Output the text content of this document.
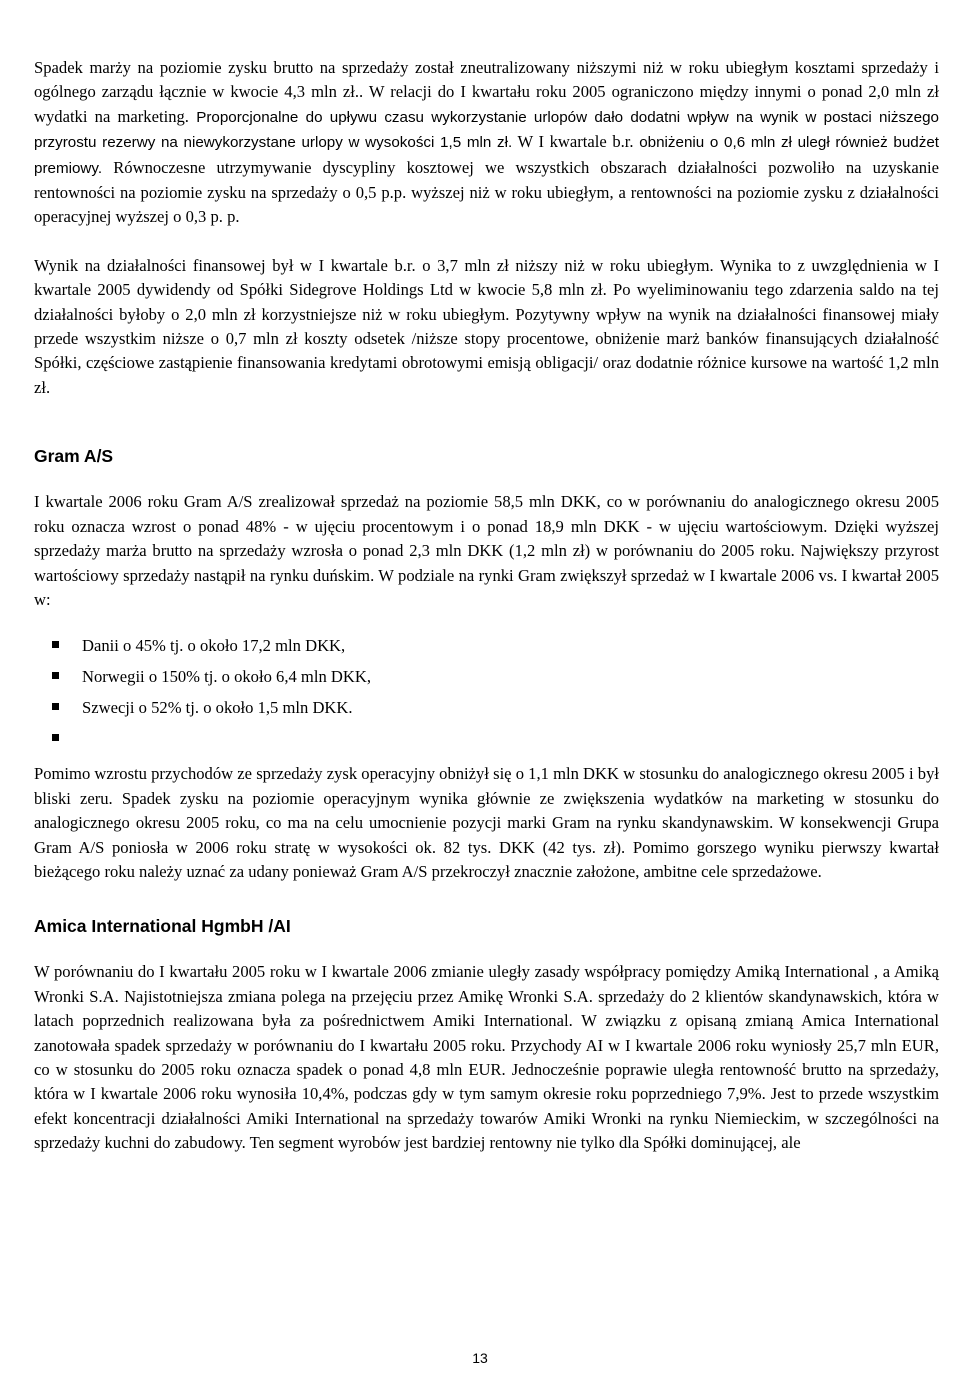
Spadek marży na poziomie zysku brutto na sprzedaży został zneutralizowany niższymi niż w roku ubiegłym kosztami sprzedaży i ogólnego zarządu łącznie w kwocie 4,3 mln zł.. W relacji do I kwartału roku 2005 ograniczono między innymi o ponad 2,0 mln zł wydatki na marketing. Proporcjonalne do upływu czasu wykorzystanie urlopów dało dodatni wpływ na wynik w postaci niższego przyrostu rezerwy na niewykorzystane urlopy w wysokości 1,5 mln zł. W I kwartale b.r. obniżeniu o 0,6 mln zł uległ również budżet premiowy. Równoczesne utrzymywanie dyscypliny kosztowej we wszystkich obszarach działalności pozwoliło na uzyskanie rentowności na poziomie zysku na sprzedaży o 0,5 p.p. wyższej niż w roku ubiegłym, a rentowności na poziomie zysku z działalności operacyjnej wyższej o 0,3 p. p.

Wynik na działalności finansowej był w I kwartale b.r. o 3,7 mln zł niższy niż w roku ubiegłym. Wynika to z uwzględnienia w I kwartale 2005 dywidendy od Spółki Sidegrove Holdings Ltd w kwocie 5,8 mln zł. Po wyeliminowaniu tego zdarzenia saldo na tej działalności byłoby o 2,0 mln zł korzystniejsze niż w roku ubiegłym. Pozytywny wpływ na wynik na działalności finansowej miały przede wszystkim niższe o 0,7 mln zł koszty odsetek /niższe stopy procentowe, obniżenie marż banków finansujących działalność Spółki, częściowe zastąpienie finansowania kredytami obrotowymi emisją obligacji/ oraz dodatnie różnice kursowe na wartość 1,2 mln zł.

Gram A/S

I kwartale 2006 roku Gram A/S zrealizował sprzedaż na poziomie 58,5 mln DKK, co w porównaniu do analogicznego okresu 2005 roku oznacza wzrost o ponad 48% - w ujęciu procentowym i o ponad 18,9 mln DKK - w ujęciu wartościowym. Dzięki wyższej sprzedaży marża brutto na sprzedaży wzrosła o ponad 2,3 mln DKK (1,2 mln zł) w porównaniu do 2005 roku. Największy przyrost wartościowy sprzedaży nastąpił na rynku duńskim. W podziale na rynki Gram zwiększył sprzedaż w I kwartale 2006 vs. I kwartał 2005 w:

Danii o 45% tj. o około 17,2 mln DKK,
Norwegii o 150% tj. o około 6,4 mln DKK,
Szwecji o 52% tj. o około 1,5 mln DKK.

Pomimo wzrostu przychodów ze sprzedaży zysk operacyjny obniżył się o 1,1 mln DKK w stosunku do analogicznego okresu 2005 i był bliski zeru. Spadek zysku na poziomie operacyjnym wynika głównie ze zwiększenia wydatków na marketing w stosunku do analogicznego okresu 2005 roku, co ma na celu umocnienie pozycji marki Gram na rynku skandynawskim. W konsekwencji Grupa Gram A/S poniosła w 2006 roku stratę w wysokości ok. 82 tys. DKK (42 tys. zł). Pomimo gorszego wyniku pierwszy kwartał bieżącego roku należy uznać za udany ponieważ Gram A/S przekroczył znacznie założone, ambitne cele sprzedażowe.

Amica International HgmbH /AI

W porównaniu do I kwartału 2005 roku w I kwartale 2006 zmianie uległy zasady współpracy pomiędzy Amiką International , a Amiką Wronki S.A. Najistotniejsza zmiana polega na przejęciu przez Amikę Wronki S.A. sprzedaży do 2 klientów skandynawskich, która w latach poprzednich realizowana była za pośrednictwem Amiki International. W związku z opisaną zmianą Amica International zanotowała spadek sprzedaży w porównaniu do I kwartału 2005 roku. Przychody AI w I kwartale 2006 roku wyniosły 25,7 mln EUR, co w stosunku do 2005 roku oznacza spadek o ponad 4,8 mln EUR. Jednocześnie poprawie uległa rentowność brutto na sprzedaży, która w I kwartale 2006 roku wynosiła 10,4%, podczas gdy w tym samym okresie roku poprzedniego 7,9%. Jest to przede wszystkim efekt koncentracji działalności Amiki International na sprzedaży towarów Amiki Wronki na rynku Niemieckim, w szczególności na sprzedaży kuchni do zabudowy. Ten segment wyrobów jest bardziej rentowny nie tylko dla Spółki dominującej, ale

13
